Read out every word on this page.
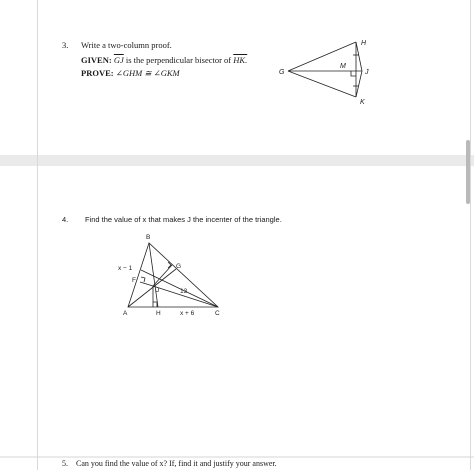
3. Write a two-column proof.
GIVEN: $\overline{GJ}$ is the perpendicular bisector of HK.
PROVE: ∠GHM ≅ ∠GKM
H
G
M
J
K
B
G
F
J
A	H	C
x − 1
13
x + 6
4. Find the value of x that makes J the incenter of the triangle.
5. Can you find the value of x? If, find it and justify your answer.
